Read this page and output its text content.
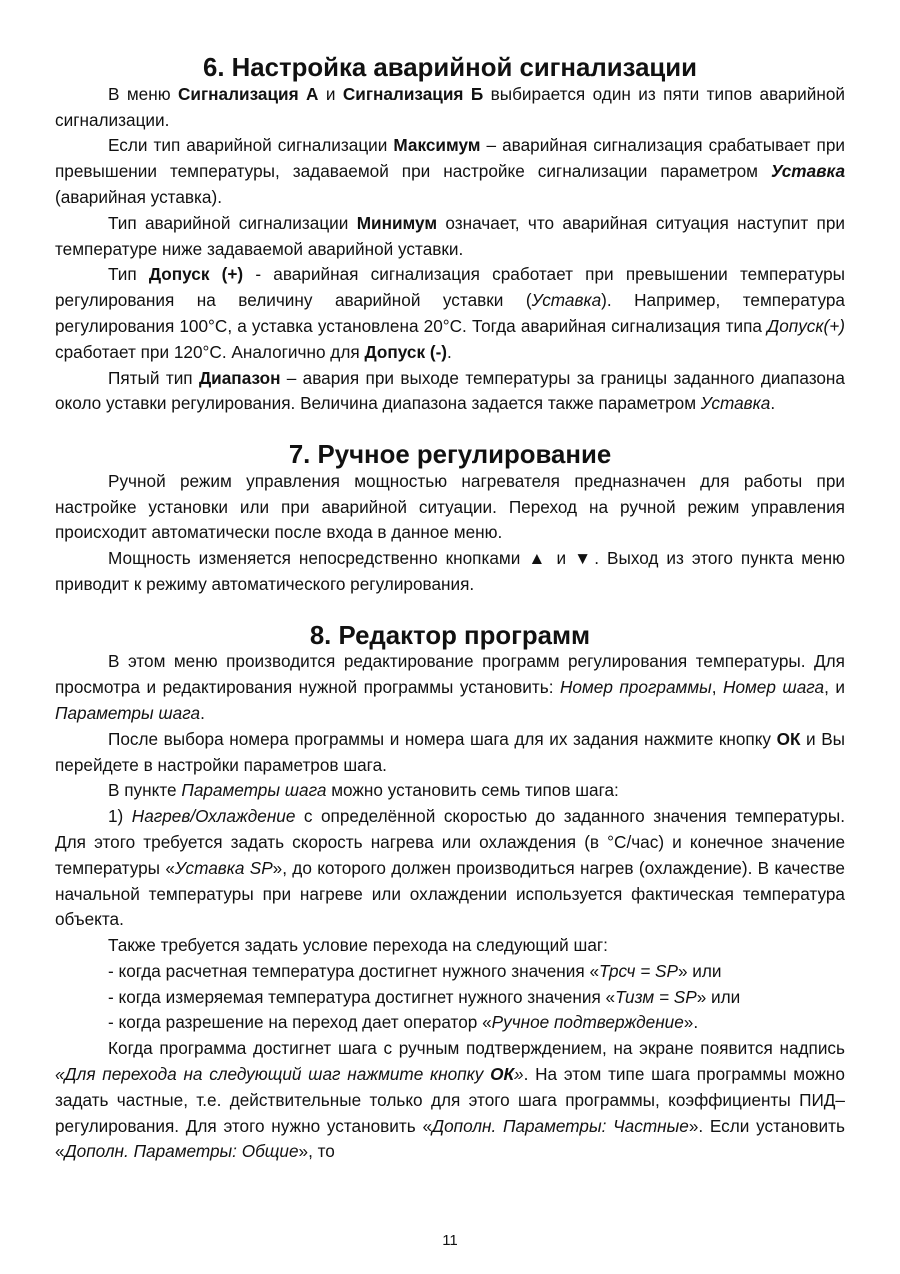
6. Настройка аварийной сигнализации

В меню Сигнализация А и Сигнализация Б выбирается один из пяти типов аварийной сигнализации.

Если тип аварийной сигнализации Максимум – аварийная сигнализация срабатывает при превышении температуры, задаваемой при настройке сигнализации параметром Уставка (аварийная уставка).

Тип аварийной сигнализации Минимум означает, что аварийная ситуация наступит при температуре ниже задаваемой аварийной уставки.

Тип Допуск (+) - аварийная сигнализация сработает при превышении температуры регулирования на величину аварийной уставки (Уставка). Например, температура регулирования 100°С, а уставка установлена 20°С. Тогда аварийная сигнализация типа Допуск(+) сработает при 120°С. Аналогично для Допуск (-).

Пятый тип Диапазон – авария при выходе температуры за границы заданного диапазона около уставки регулирования. Величина диапазона задается также параметром Уставка.

7. Ручное регулирование

Ручной режим управления мощностью нагревателя предназначен для работы при настройке установки или при аварийной ситуации. Переход на ручной режим управления происходит автоматически после входа в данное меню.

Мощность изменяется непосредственно кнопками ▲ и ▼. Выход из этого пункта меню приводит к режиму автоматического регулирования.

8. Редактор программ

В этом меню производится редактирование программ регулирования температуры. Для просмотра и редактирования нужной программы установить: Номер программы, Номер шага, и Параметры шага.

После выбора номера программы и номера шага для их задания нажмите кнопку ОК и Вы перейдете в настройки параметров шага.

В пункте Параметры шага можно установить семь типов шага:

1) Нагрев/Охлаждение с определённой скоростью до заданного значения температуры. Для этого требуется задать скорость нагрева или охлаждения (в °С/час) и конечное значение температуры «Уставка SP», до которого должен производиться нагрев (охлаждение). В качестве начальной температуры при нагреве или охлаждении используется фактическая температура объекта.

Также требуется задать условие перехода на следующий шаг:

- когда расчетная температура достигнет нужного значения «Трсч = SP» или

- когда измеряемая температура достигнет нужного значения «Тизм = SP» или

- когда разрешение на переход дает оператор «Ручное подтверждение».

Когда программа достигнет шага с ручным подтверждением, на экране появится надпись «Для перехода на следующий шаг нажмите кнопку ОК». На этом типе шага программы можно задать частные, т.е. действительные только для этого шага программы, коэффициенты ПИД–регулирования. Для этого нужно установить «Дополн. Параметры: Частные». Если установить «Дополн. Параметры: Общие», то

11
